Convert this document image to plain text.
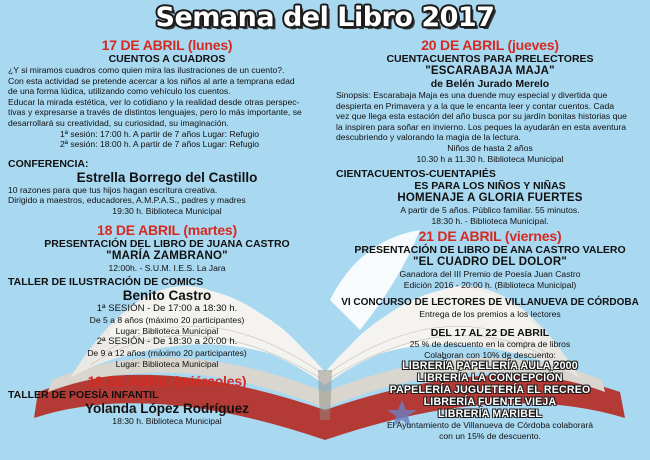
Semana del Libro 2017
17 DE ABRIL (lunes)
CUENTOS A CUADROS
¿Y si miramos cuadros como quien mira las ilustraciones de un cuento?.
Con esta actividad se pretende acercar a los niños al arte a temprana edad
de una forma lúdica, utilizando como vehículo los cuentos.
Educar la mirada estética, ver lo cotidiano y la realidad desde otras perspec-
tivas y expresarse a través de distintos lenguajes, pero lo más importante, se
desarrollará su creatividad, su curiosidad, su imaginación.
1ª sesión: 17:00 h. A partir de 7 años Lugar: Refugio
2ª sesión: 18:00 h. A partir de 7 años Lugar: Refugio
CONFERENCIA:
Estrella Borrego del Castillo
10 razones para que tus hijos hagan escritura creativa.
Dirigido a maestros, educadores, A.M.P.A.S., padres y madres
19:30 h. Biblioteca Municipal
18 DE ABRIL (martes)
PRESENTACIÓN DEL LIBRO DE JUANA CASTRO
"MARÍA ZAMBRANO"
12:00h. - S.U.M. I.E.S. La Jara
TALLER DE ILUSTRACIÓN DE COMICS
Benito Castro
1ª SESIÓN - De 17:00 a 18:30 h.
De 5 a 8 años (máximo 20 participantes)
Lugar: Biblioteca Municipal
2ª SESIÓN - De 18:30 a 20:00 h.
De 9 a 12 años (máximo 20 participantes)
Lugar: Biblioteca Municipal
19 DE ABRIL (miércoles)
TALLER DE POESÍA INFANTIL
Yolanda López Rodríguez
18:30 h. Biblioteca Municipal
20 DE ABRIL (jueves)
CUENTACUENTOS PARA PRELECTORES
"ESCARABAJA MAJA"
de Belén Jurado Merelo
Sinopsis: Escarabaja Maja es una duende muy especial y divertida que
despierta en Primavera y a la que le encanta leer y contar cuentos. Cada
vez que llega esta estación del año busca por su jardín bonitas historias que
la inspiren para soñar en invierno. Los peques la ayudarán en esta aventura
descubriendo y valorando la magia de la lectura.
Niños de hasta 2 años
10.30 h a 11.30 h. Biblioteca Municipal
CIENTACUENTOS-CUENTAPIÉS
ES PARA LOS NIÑOS Y NIÑAS
HOMENAJE A GLORIA FUERTES
A partir de 5 años. Público familiar. 55 minutos.
18:30 h. - Biblioteca Municipal.
21 DE ABRIL (viernes)
PRESENTACIÓN DE LIBRO DE ANA CASTRO VALERO
"EL CUADRO DEL DOLOR"
Ganadora del III Premio de Poesía Juan Castro
Edición 2016 - 20:00 h. (Biblioteca Municipal)
VI CONCURSO DE LECTORES DE VILLANUEVA DE CÓRDOBA
Entrega de los premios a los lectores
DEL 17 AL 22 DE ABRIL
25 % de descuento en la compra de libros
Colaboran con 10% de descuento:
LIBRERÍA PAPELERÍA AULA 2000
LIBRERÍA LA CONCEPCIÓN
PAPELERÍA JUGUETERÍA EL RECREO
LIBRERÍA FUENTE VIEJA
LIBRERÍA MARIBEL
El Ayuntamiento de Villanueva de Córdoba colaborará
con un 15% de descuento.
